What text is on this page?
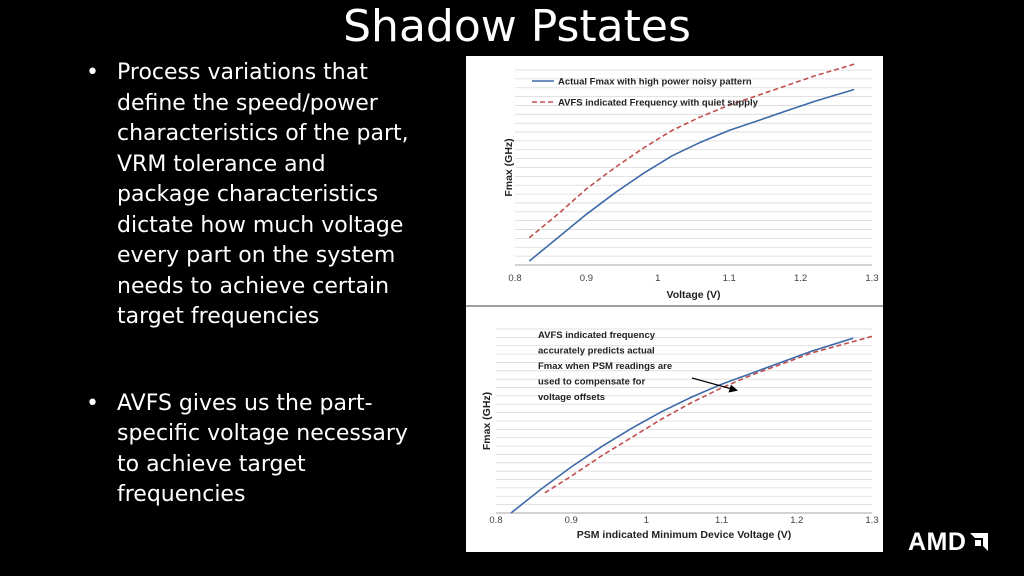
Shadow Pstates
• Process variations that define the speed/power characteristics of the part, VRM tolerance and package characteristics dictate how much voltage every part on the system needs to achieve certain target frequencies
• AVFS gives us the part-specific voltage necessary to achieve target frequencies
0.8	0.9	1	1.1	1.2	1.3
Voltage (V)
Fmax (GHz)
Actual Fmax with high power noisy pattern
AVFS indicated Frequency with quiet supply
0.8	0.9	1	1.1	1.2	1.3
PSM indicated Minimum Device Voltage (V)
Fmax (GHz)
AVFS indicated frequency
accurately predicts actual
Fmax when PSM readings are
used to compensate for
voltage offsets
AMD
